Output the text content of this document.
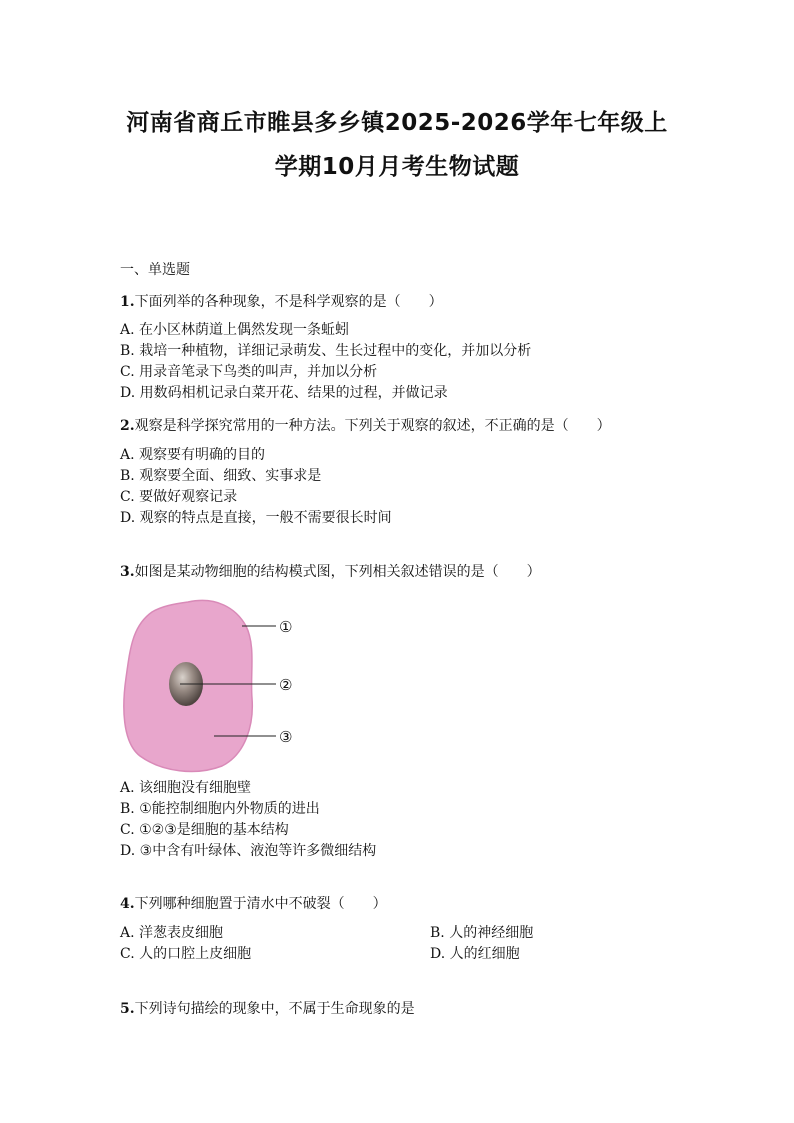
河南省商丘市睢县多乡镇2025-2026学年七年级上
学期10月月考生物试题
一、单选题
1.下面列举的各种现象，不是科学观察的是（　　）
A. 在小区林荫道上偶然发现一条蚯蚓
B. 栽培一种植物，详细记录萌发、生长过程中的变化，并加以分析
C. 用录音笔录下鸟类的叫声，并加以分析
D. 用数码相机记录白菜开花、结果的过程，并做记录
2.观察是科学探究常用的一种方法。下列关于观察的叙述，不正确的是（　　）
A. 观察要有明确的目的
B. 观察要全面、细致、实事求是
C. 要做好观察记录
D. 观察的特点是直接，一般不需要很长时间
3.如图是某动物细胞的结构模式图，下列相关叙述错误的是（　　）
①
②
③
A. 该细胞没有细胞壁
B. ①能控制细胞内外物质的进出
C. ①②③是细胞的基本结构
D. ③中含有叶绿体、液泡等许多微细结构
4.下列哪种细胞置于清水中不破裂（　　）
A. 洋葱表皮细胞	B. 人的神经细胞
C. 人的口腔上皮细胞	D. 人的红细胞
5.下列诗句描绘的现象中，不属于生命现象的是
